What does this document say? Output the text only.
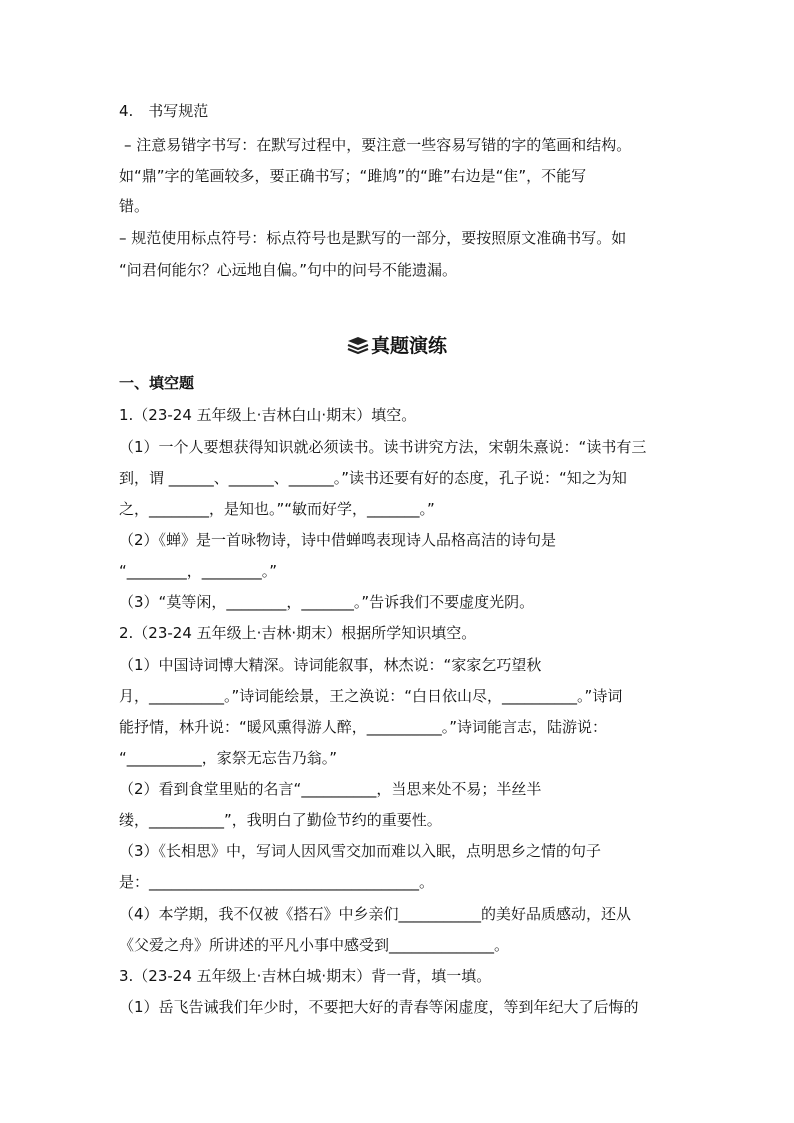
4.　书写规范
– 注意易错字书写：在默写过程中，要注意一些容易写错的字的笔画和结构。
如“鼎”字的笔画较多，要正确书写；“雎鸠”的“雎”右边是“隹”，不能写
错。
– 规范使用标点符号：标点符号也是默写的一部分，要按照原文准确书写。如
“问君何能尔？心远地自偏。”句中的问号不能遗漏。
真题演练
一、填空题
1.（23-24 五年级上·吉林白山·期末）填空。
（1）一个人要想获得知识就必须读书。读书讲究方法，宋朝朱熹说：“读书有三
到，谓 ______、______、______。”读书还要有好的态度，孔子说：“知之为知
之，________，是知也。”“敏而好学，_______。”
（2）《蝉》是一首咏物诗，诗中借蝉鸣表现诗人品格高洁的诗句是
“________，________。”
（3）“莫等闲，________，_______。”告诉我们不要虚度光阴。
2.（23-24 五年级上·吉林·期末）根据所学知识填空。
（1）中国诗词博大精深。诗词能叙事，林杰说：“家家乞巧望秋
月，__________。”诗词能绘景，王之涣说：“白日依山尽，__________。”诗词
能抒情，林升说：“暖风熏得游人醉，__________。”诗词能言志，陆游说：
“__________，家祭无忘告乃翁。”
（2）看到食堂里贴的名言“__________，当思来处不易；半丝半
缕，__________”，我明白了勤俭节约的重要性。
（3）《长相思》中，写词人因风雪交加而难以入眠，点明思乡之情的句子
是：____________________________________。
（4）本学期，我不仅被《搭石》中乡亲们___________的美好品质感动，还从
《父爱之舟》所讲述的平凡小事中感受到______________。
3.（23-24 五年级上·吉林白城·期末）背一背，填一填。
（1）岳飞告诫我们年少时，不要把大好的青春等闲虚度，等到年纪大了后悔的
